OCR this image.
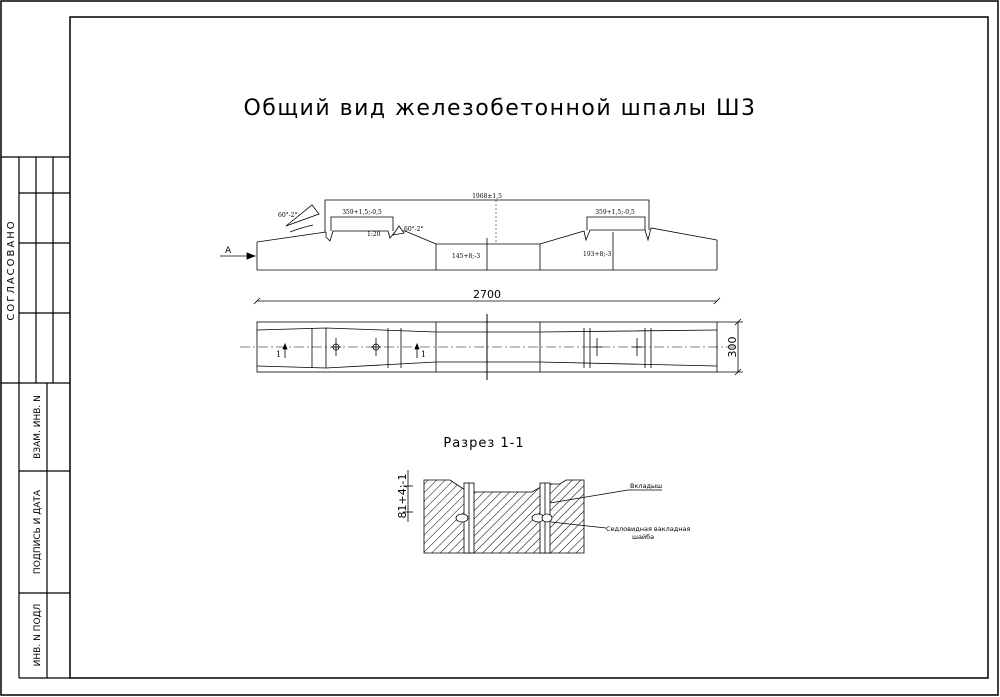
СОГЛАСОВАНО
ВЗАМ. ИНВ. N
ПОДПИСЬ И ДАТА
ИНВ. N ПОДЛ
Общий вид железобетонной шпалы Ш3
1968±1,5
359+1,5;-0,5	359+1,5;-0,5
60°-2°
60°-2°
1:20
145+8;-3	193+8;-3
А
2700
300
1	1
Разрез 1-1
81+4;-1	Вкладыш
Седловидная вакладная
шайба
